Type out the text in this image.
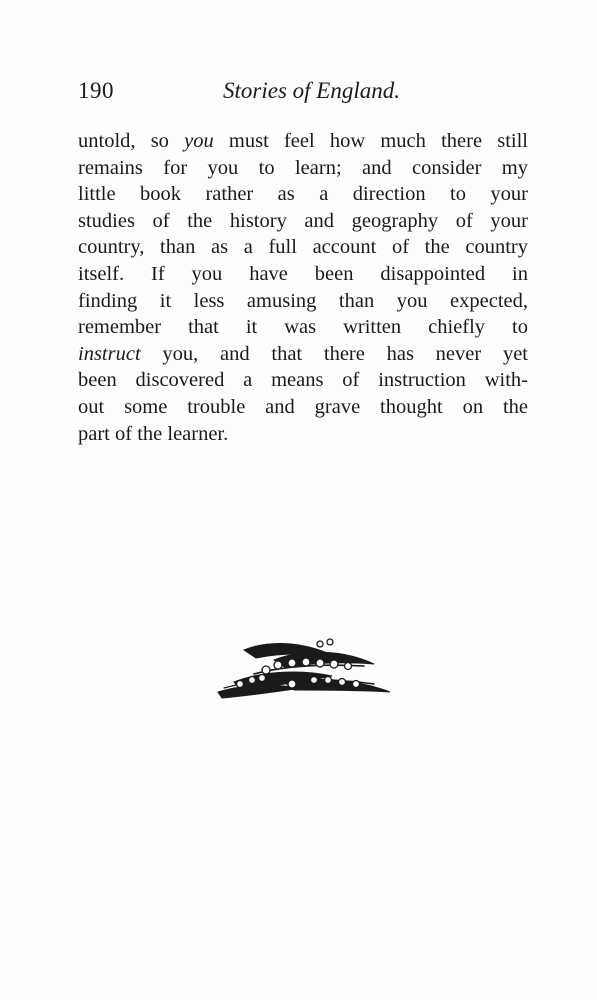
190	Stories of England.

untold, so you must feel how much there still
remains for you to learn; and consider my
little book rather as a direction to your
studies of the history and geography of your
country, than as a full account of the country
itself. If you have been disappointed in
finding it less amusing than you expected,
remember that it was written chiefly to
instruct you, and that there has never yet
been discovered a means of instruction with-
out some trouble and grave thought on the
part of the learner.
